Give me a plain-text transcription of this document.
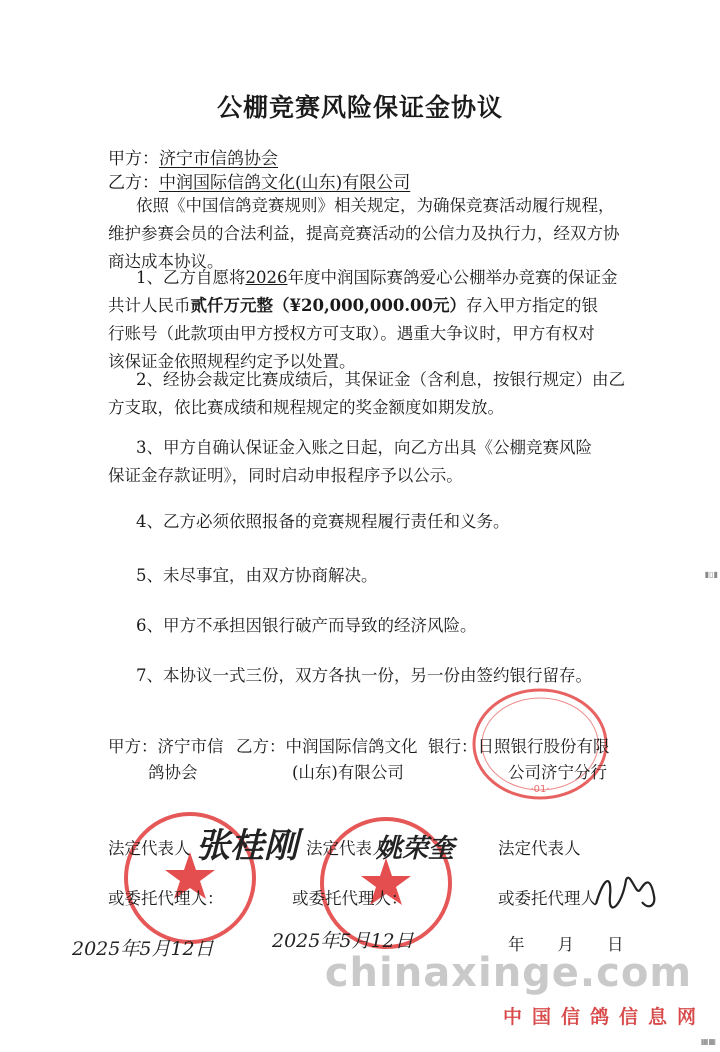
公棚竞赛风险保证金协议
甲方：济宁市信鸽协会
乙方：中润国际信鸽文化(山东)有限公司

依照《中国信鸽竞赛规则》相关规定，为确保竞赛活动履行规程，

维护参赛会员的合法利益，提高竞赛活动的公信力及执行力，经双方协

商达成本协议。

1、乙方自愿将2026年度中润国际赛鸽爱心公棚举办竞赛的保证金

共计人民币贰仟万元整（¥20,000,000.00元）存入甲方指定的银

行账号（此款项由甲方授权方可支取）。遇重大争议时，甲方有权对

该保证金依照规程约定予以处置。

2、经协会裁定比赛成绩后，其保证金（含利息，按银行规定）由乙

方支取，依比赛成绩和规程规定的奖金额度如期发放。

3、甲方自确认保证金入账之日起，向乙方出具《公棚竞赛风险

保证金存款证明》，同时启动申报程序予以公示。

4、乙方必须依照报备的竞赛规程履行责任和义务。

5、未尽事宜，由双方协商解决。

6、甲方不承担因银行破产而导致的经济风险。

7、本协议一式三份，双方各执一份，另一份由签约银行留存。

·01·
甲方：济宁市信
鸽协会
乙方：中润国际信鸽文化
(山东)有限公司
银行：日照银行股份有限
公司济宁分行
法定代表人	法定代表人	法定代表人
张桂刚	姚荣奎
或委托代理人：	或委托代理人：	或委托代理人
2025年5月12日	2025年5月12日	年　　月　　日
▮▯▮
chinaxinge.com
中国信鸽信息网
▦▦
